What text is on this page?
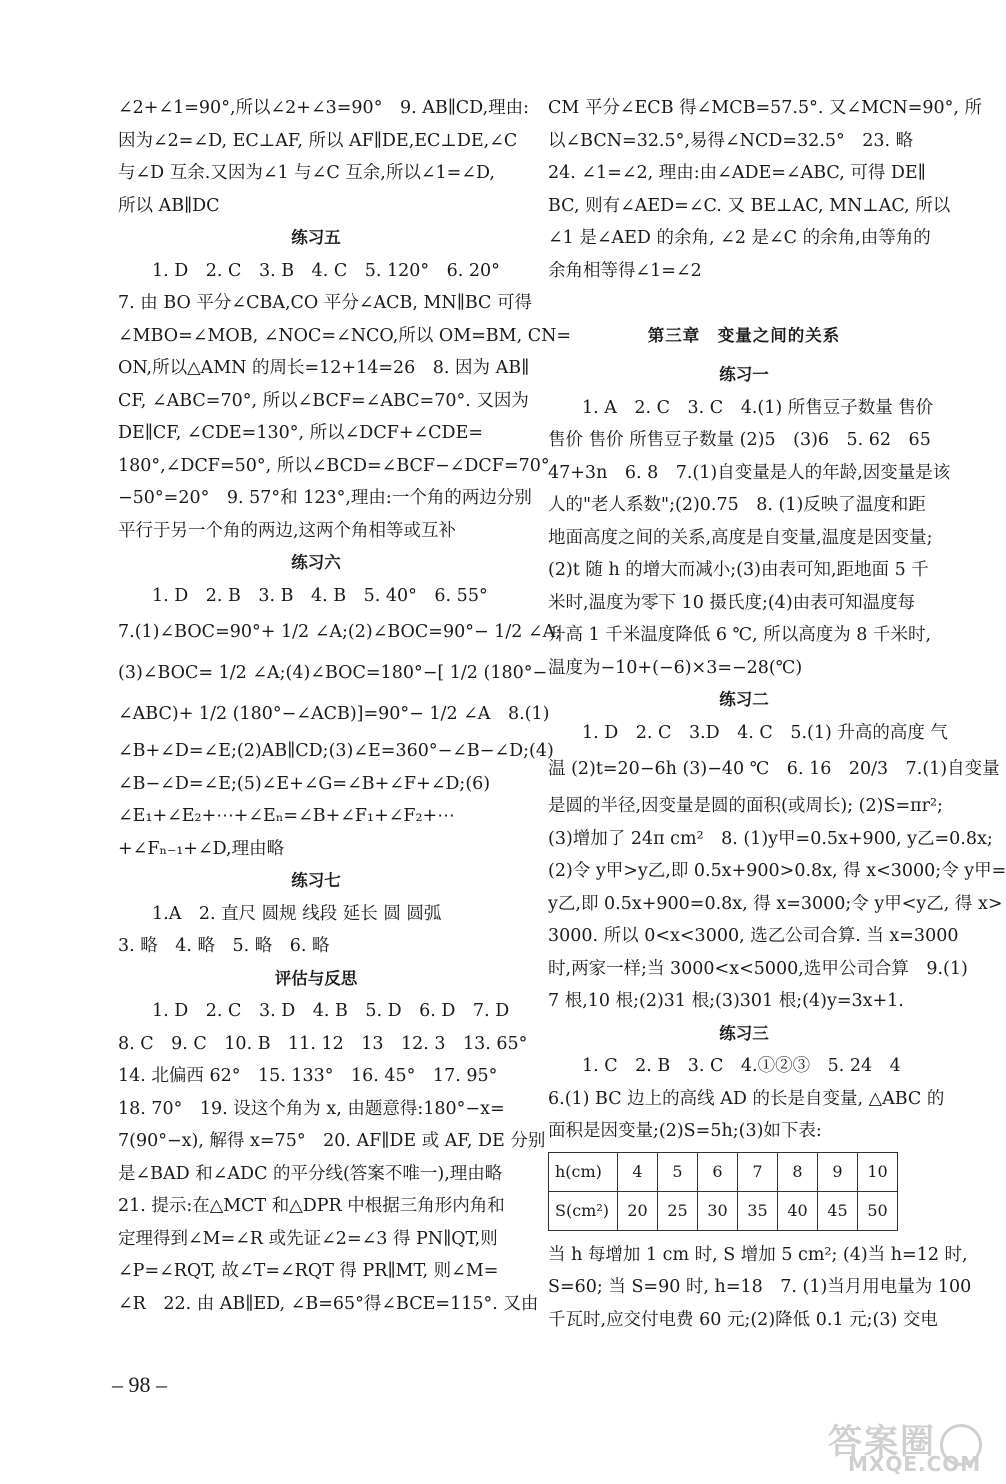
∠2+∠1=90°,所以∠2+∠3=90°　9. AB∥CD,理由:
因为∠2=∠D, EC⊥AF, 所以 AF∥DE,EC⊥DE,∠C
与∠D 互余.又因为∠1 与∠C 互余,所以∠1=∠D,
所以 AB∥DC
练习五
1. D　2. C　3. B　4. C　5. 120°　6. 20°
7. 由 BO 平分∠CBA,CO 平分∠ACB, MN∥BC 可得
∠MBO=∠MOB, ∠NOC=∠NCO,所以 OM=BM, CN=
ON,所以△AMN 的周长=12+14=26　8. 因为 AB∥
CF, ∠ABC=70°, 所以∠BCF=∠ABC=70°. 又因为
DE∥CF, ∠CDE=130°, 所以∠DCF+∠CDE=
180°,∠DCF=50°, 所以∠BCD=∠BCF−∠DCF=70°
−50°=20°　9. 57°和 123°,理由:一个角的两边分别
平行于另一个角的两边,这两个角相等或互补
练习六
1. D　2. B　3. B　4. B　5. 40°　6. 55°
7.(1)∠BOC=90°+ 1/2 ∠A;(2)∠BOC=90°− 1/2 ∠A;
(3)∠BOC= 1/2 ∠A;(4)∠BOC=180°−[ 1/2 (180°−
∠ABC)+ 1/2 (180°−∠ACB)]=90°− 1/2 ∠A　8.(1)
∠B+∠D=∠E;(2)AB∥CD;(3)∠E=360°−∠B−∠D;(4)
∠B−∠D=∠E;(5)∠E+∠G=∠B+∠F+∠D;(6)
∠E₁+∠E₂+⋯+∠Eₙ=∠B+∠F₁+∠F₂+⋯
+∠Fₙ₋₁+∠D,理由略
练习七
1.A　2. 直尺 圆规 线段 延长 圆 圆弧
3. 略　4. 略　5. 略　6. 略
评估与反思
1. D　2. C　3. D　4. B　5. D　6. D　7. D
8. C　9. C　10. B　11. 12　13　12. 3　13. 65°
14. 北偏西 62°　15. 133°　16. 45°　17. 95°
18. 70°　19. 设这个角为 x, 由题意得:180°−x=
7(90°−x), 解得 x=75°　20. AF∥DE 或 AF, DE 分别
是∠BAD 和∠ADC 的平分线(答案不唯一),理由略
21. 提示:在△MCT 和△DPR 中根据三角形内角和
定理得到∠M=∠R 或先证∠2=∠3 得 PN∥QT,则
∠P=∠RQT, 故∠T=∠RQT 得 PR∥MT, 则∠M=
∠R　22. 由 AB∥ED, ∠B=65°得∠BCE=115°. 又由
CM 平分∠ECB 得∠MCB=57.5°. 又∠MCN=90°, 所
以∠BCN=32.5°,易得∠NCD=32.5°　23. 略
24. ∠1=∠2, 理由:由∠ADE=∠ABC, 可得 DE∥
BC, 则有∠AED=∠C. 又 BE⊥AC, MN⊥AC, 所以
∠1 是∠AED 的余角, ∠2 是∠C 的余角,由等角的
余角相等得∠1=∠2
第三章　变量之间的关系
练习一
1. A　2. C　3. C　4.(1) 所售豆子数量 售价
售价 售价 所售豆子数量 (2)5　(3)6　5. 62　65
47+3n　6. 8　7.(1)自变量是人的年龄,因变量是该
人的"老人系数";(2)0.75　8. (1)反映了温度和距
地面高度之间的关系,高度是自变量,温度是因变量;
(2)t 随 h 的增大而减小;(3)由表可知,距地面 5 千
米时,温度为零下 10 摄氏度;(4)由表可知温度每
升高 1 千米温度降低 6 ℃, 所以高度为 8 千米时,
温度为−10+(−6)×3=−28(℃)
练习二
1. D　2. C　3.D　4. C　5.(1) 升高的高度 气
温 (2)t=20−6h (3)−40 ℃　6. 16　20/3　7.(1)自变量
是圆的半径,因变量是圆的面积(或周长); (2)S=πr²;
(3)增加了 24π cm²　8. (1)y甲=0.5x+900, y乙=0.8x;
(2)令 y甲>y乙,即 0.5x+900>0.8x, 得 x<3000;令 y甲=
y乙,即 0.5x+900=0.8x, 得 x=3000;令 y甲<y乙, 得 x>
3000. 所以 0<x<3000, 选乙公司合算. 当 x=3000
时,两家一样;当 3000<x<5000,选甲公司合算　9.(1)
7 根,10 根;(2)31 根;(3)301 根;(4)y=3x+1.
练习三
1. C　2. B　3. C　4.①②③　5. 24　4
6.(1) BC 边上的高线 AD 的长是自变量, △ABC 的
面积是因变量;(2)S=5h;(3)如下表:
h(cm)	4	5	6	7	8	9	10
S(cm²)	20	25	30	35	40	45	50
当 h 每增加 1 cm 时, S 增加 5 cm²; (4)当 h=12 时,
S=60; 当 S=90 时, h=18　7. (1)当月用电量为 100
千瓦时,应交付电费 60 元;(2)降低 0.1 元;(3) 交电
– 98 –
答案圈
MXQE.COM
